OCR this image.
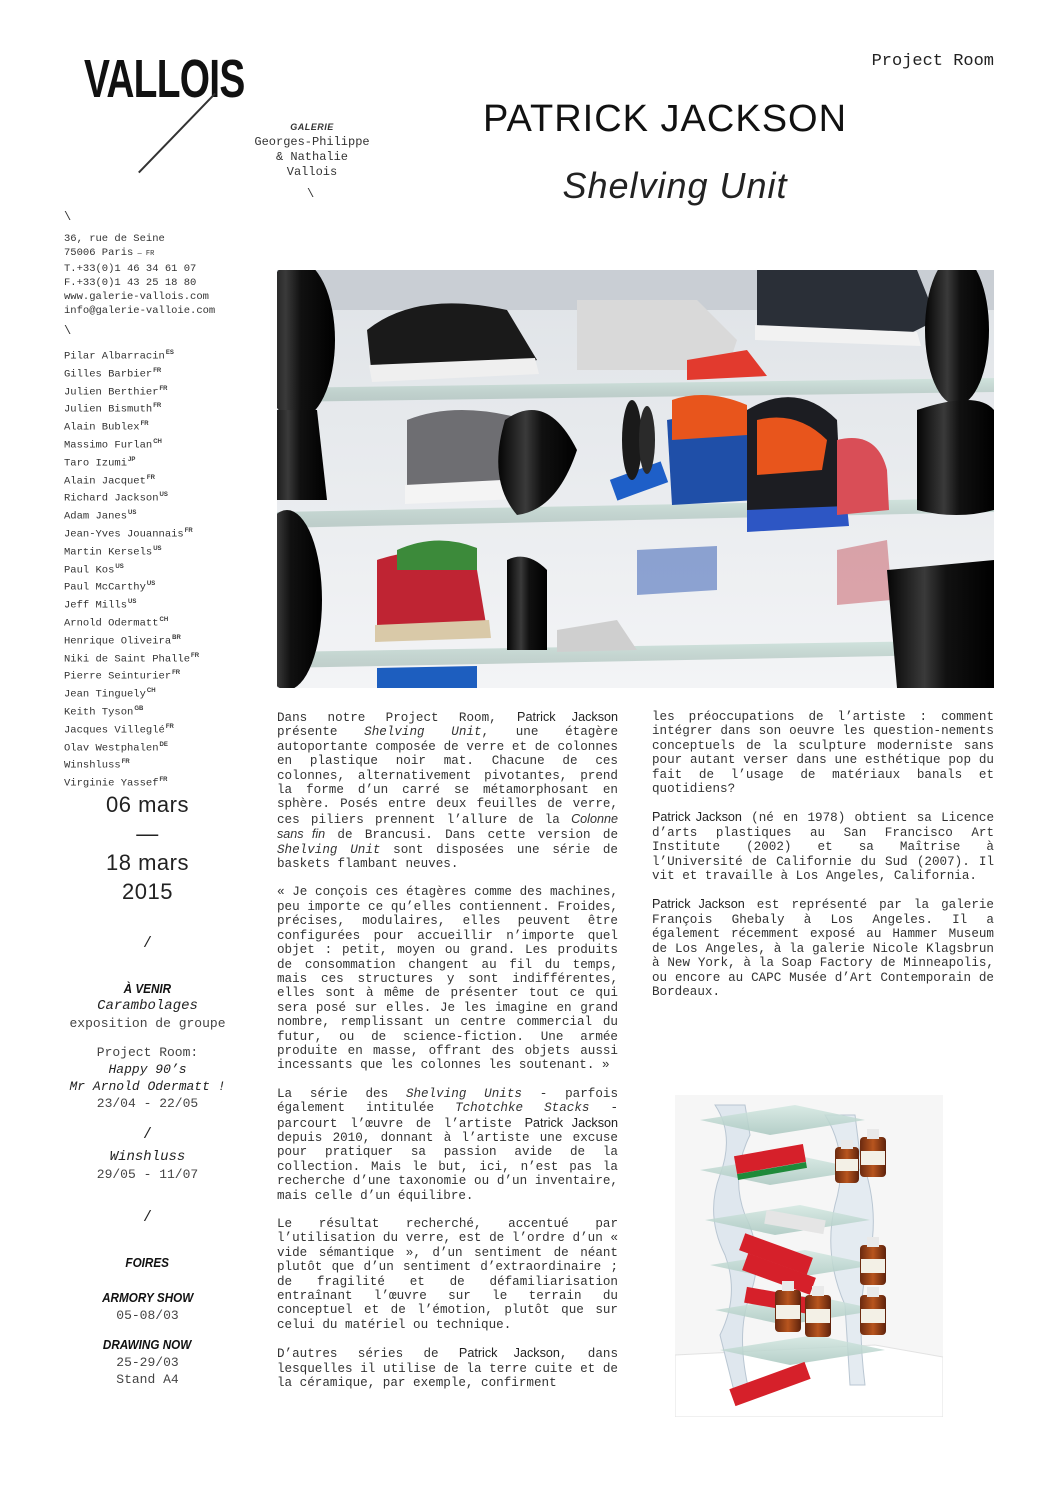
VALLOIS
GALERIE
Georges-Philippe
& Nathalie
Vallois
\
Project Room
PATRICK JACKSON
Shelving Unit
\
36, rue de Seine
75006 Paris — FR
T.+33(0)1 46 34 61 07
F.+33(0)1 43 25 18 80
www.galerie-vallois.com
info@galerie-valloie.com
\
Pilar Albarracin$^{ES}$
Gilles Barbier$^{FR}$
Julien Berthier$^{FR}$
Julien Bismuth$^{FR}$
Alain Bublex$^{FR}$
Massimo Furlan$^{CH}$
Taro Izumi$^{JP}$
Alain Jacquet$^{FR}$
Richard Jackson$^{US}$
Adam Janes$^{US}$
Jean-Yves Jouannais$^{FR}$
Martin Kersels$^{US}$
Paul Kos$^{US}$
Paul McCarthy$^{US}$
Jeff Mills$^{US}$
Arnold Odermatt$^{CH}$
Henrique Oliveira$^{BR}$
Niki de Saint Phalle$^{FR}$
Pierre Seinturier$^{FR}$
Jean Tinguely$^{CH}$
Keith Tyson$^{GB}$
Jacques Villeglé$^{FR}$
Olav Westphalen$^{DE}$
Winshluss$^{FR}$
Virginie Yassef$^{FR}$
06 mars
—
18 mars
2015
/
À VENIR
Carambolages
exposition de groupe
Project Room:
Happy 90’s
Mr Arnold Odermatt !
23/04 - 22/05
/
Winshluss
29/05 - 11/07
/
FOIRES
ARMORY SHOW
05-08/03
DRAWING NOW
25-29/03
Stand A4

Dans notre Project Room, Patrick Jackson présente Shelving Unit, une étagère autoportante composée de verre et de colonnes en plastique noir mat. Chacune de ces colonnes, alternativement pivotantes, prend la forme d’un carré se métamorphosant en sphère. Posés entre deux feuilles de verre, ces piliers prennent l’allure de la Colonne sans fin de Brancusi. Dans cette version de Shelving Unit sont disposées une série de baskets flambant neuves.

« Je conçois ces étagères comme des machines, peu importe ce qu’elles contiennent. Froides, précises, modulaires, elles peuvent être configurées pour accueillir n’importe quel objet : petit, moyen ou grand. Les produits de consommation changent au fil du temps, mais ces structures y sont indifférentes, elles sont à même de présenter tout ce qui sera posé sur elles. Je les imagine en grand nombre, remplissant un centre commercial du futur, ou de science-fiction. Une armée produite en masse, offrant des objets aussi incessants que les colonnes les soutenant. »

La série des Shelving Units - parfois également intitulée Tchotchke Stacks - parcourt l’œuvre de l’artiste Patrick Jackson depuis 2010, donnant à l’artiste une excuse pour pratiquer sa passion avide de la collection. Mais le but, ici, n’est pas la recherche d’une taxonomie ou d’un inventaire, mais celle d’un équilibre.

Le résultat recherché, accentué par l’utilisation du verre, est de l’ordre d’un « vide sémantique », d’un sentiment de néant plutôt que d’un sentiment d’extraordinaire ; de fragilité et de défamiliarisation entraînant l’œuvre sur le terrain du conceptuel et de l’émotion, plutôt que sur celui du matériel ou technique.

D’autres séries de Patrick Jackson, dans lesquelles il utilise de la terre cuite et de la céramique, par exemple, confirment

les préoccupations de l’artiste : comment intégrer dans son oeuvre les question-nements conceptuels de la sculpture moderniste sans pour autant verser dans une esthétique pop du fait de l’usage de matériaux banals et quotidiens?

Patrick Jackson (né en 1978) obtient sa Licence d’arts plastiques au San Francisco Art Institute (2002) et sa Maîtrise à l’Université de Californie du Sud (2007). Il vit et travaille à Los Angeles, California.

Patrick Jackson est représenté par la galerie François Ghebaly à Los Angeles. Il a également récemment exposé au Hammer Museum de Los Angeles, à la galerie Nicole Klagsbrun à New York, à la Soap Factory de Minneapolis, ou encore au CAPC Musée d’Art Contemporain de Bordeaux.
